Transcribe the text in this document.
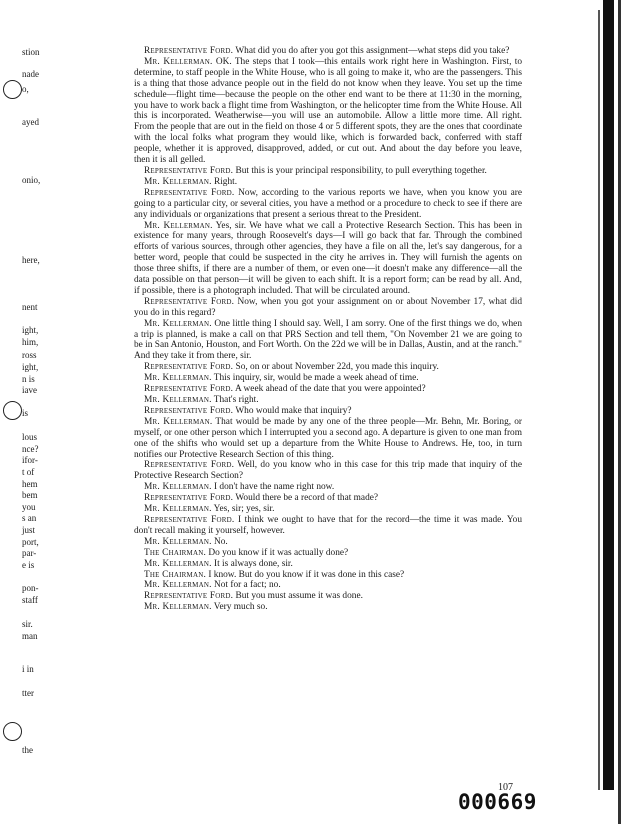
stion
nade
o,
ayed
onio,
here,
nent
ight,
him,
ross
ight,
n is
iave
is
lous
nce?
ifor-
t of
hem
bem
you
s an
just
port,
par-
e is
pon-
staff
sir.
man
i in
tter
the

Representative Ford. What did you do after you got this assignment—what steps did you take?

Mr. Kellerman. OK. The steps that I took—this entails work right here in Washington. First, to determine, to staff people in the White House, who is all going to make it, who are the passengers. This is a thing that those advance people out in the field do not know when they leave. You set up the time schedule—flight time—because the people on the other end want to be there at 11:30 in the morning, you have to work back a flight time from Washington, or the helicopter time from the White House. All this is incorporated. Weatherwise—you will use an automobile. Allow a little more time. All right. From the people that are out in the field on those 4 or 5 different spots, they are the ones that coordinate with the local folks what program they would like, which is forwarded back, conferred with staff people, whether it is approved, disapproved, added, or cut out. And about the day before you leave, then it is all gelled.

Representative Ford. But this is your principal responsibility, to pull everything together.

Mr. Kellerman. Right.

Representative Ford. Now, according to the various reports we have, when you know you are going to a particular city, or several cities, you have a method or a procedure to check to see if there are any individuals or organizations that present a serious threat to the President.

Mr. Kellerman. Yes, sir. We have what we call a Protective Research Section. This has been in existence for many years, through Roosevelt's days—I will go back that far. Through the combined efforts of various sources, through other agencies, they have a file on all the, let's say dangerous, for a better word, people that could be suspected in the city he arrives in. They will furnish the agents on those three shifts, if there are a number of them, or even one—it doesn't make any difference—all the data possible on that person—it will be given to each shift. It is a report form; can be read by all. And, if possible, there is a photograph included. That will be circulated around.

Representative Ford. Now, when you got your assignment on or about November 17, what did you do in this regard?

Mr. Kellerman. One little thing I should say. Well, I am sorry. One of the first things we do, when a trip is planned, is make a call on that PRS Section and tell them, "On November 21 we are going to be in San Antonio, Houston, and Fort Worth. On the 22d we will be in Dallas, Austin, and at the ranch." And they take it from there, sir.

Representative Ford. So, on or about November 22d, you made this inquiry.

Mr. Kellerman. This inquiry, sir, would be made a week ahead of time.

Representative Ford. A week ahead of the date that you were appointed?

Mr. Kellerman. That's right.

Representative Ford. Who would make that inquiry?

Mr. Kellerman. That would be made by any one of the three people—Mr. Behn, Mr. Boring, or myself, or one other person which I interrupted you a second ago. A departure is given to one man from one of the shifts who would set up a departure from the White House to Andrews. He, too, in turn notifies our Protective Research Section of this thing.

Representative Ford. Well, do you know who in this case for this trip made that inquiry of the Protective Research Section?

Mr. Kellerman. I don't have the name right now.

Representative Ford. Would there be a record of that made?

Mr. Kellerman. Yes, sir; yes, sir.

Representative Ford. I think we ought to have that for the record—the time it was made. You don't recall making it yourself, however.

Mr. Kellerman. No.

The Chairman. Do you know if it was actually done?

Mr. Kellerman. It is always done, sir.

The Chairman. I know. But do you know if it was done in this case?

Mr. Kellerman. Not for a fact; no.

Representative Ford. But you must assume it was done.

Mr. Kellerman. Very much so.

107
000669
